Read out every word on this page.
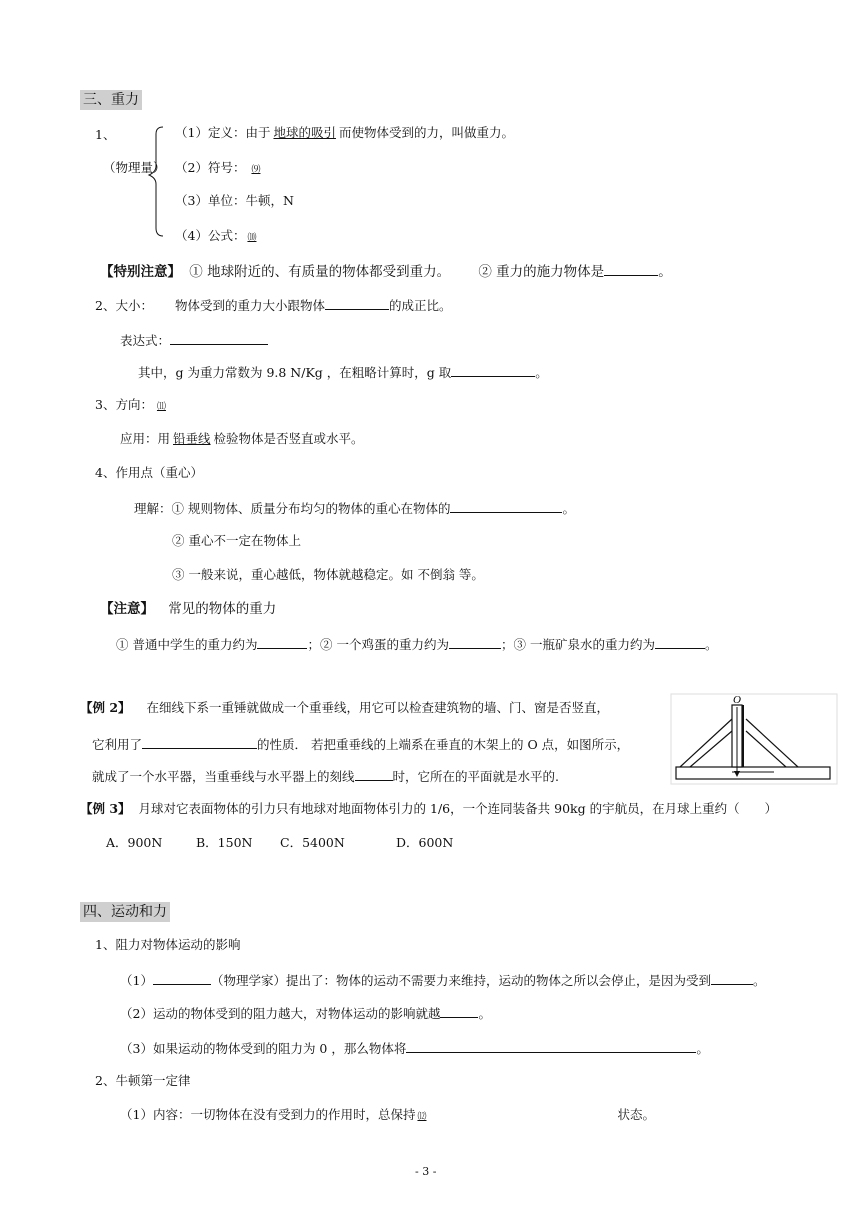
三、重力
1、
（物理量）
（1）定义：由于 地球的吸引 而使物体受到的力，叫做重力。
（2）符号： ⑼
（3）单位：牛顿，N
（4）公式： ⑽
【特别注意】 ① 地球附近的、有质量的物体都受到重力。 ② 重力的施力物体是	。
2、大小： 物体受到的重力大小跟物体	的成正比。
表达式：
其中，g 为重力常数为 9.8 N/Kg ，在粗略计算时，g 取	。
3、方向： ⑾
应用：用 铅垂线 检验物体是否竖直或水平。
4、作用点（重心）
理解：① 规则物体、质量分布均匀的物体的重心在物体的	。
② 重心不一定在物体上
③ 一般来说，重心越低，物体就越稳定。如 不倒翁 等。
【注意】 常见的物体的重力
① 普通中学生的重力约为	；② 一个鸡蛋的重力约为	；③ 一瓶矿泉水的重力约为	。
【例 2】 在细线下系一重锤就做成一个重垂线，用它可以检查建筑物的墙、门、窗是否竖直，
它利用了	的性质． 若把重垂线的上端系在垂直的木架上的 O 点，如图所示，
就成了一个水平器，当重垂线与水平器上的刻线	时，它所在的平面就是水平的.
O
【例 3】 月球对它表面物体的引力只有地球对地面物体引力的 1/6，一个连同装备共 90kg 的宇航员，在月球上重约（　　）
A．900N	B．150N C．5400N	D．600N
四、运动和力
1、阻力对物体运动的影响
（1）	（物理学家）提出了：物体的运动不需要力来维持，运动的物体之所以会停止，是因为受到	。
（2）运动的物体受到的阻力越大，对物体运动的影响就越	。
（3）如果运动的物体受到的阻力为 0 ，那么物体将	。
2、牛顿第一定律
（1）内容：一切物体在没有受到力的作用时，总保持 ⑿	状态。
- 3 -
